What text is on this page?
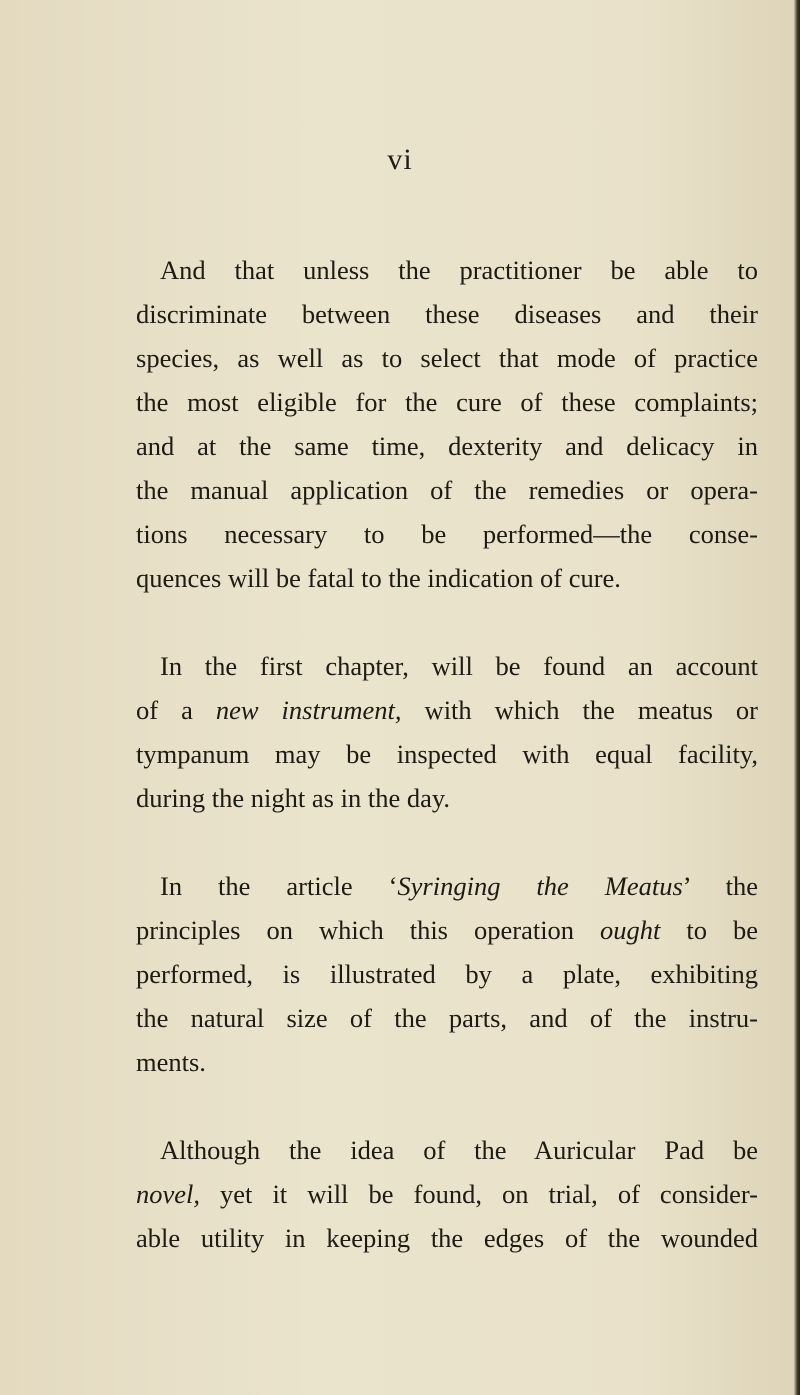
vi

And that unless the practitioner be able to
discriminate between these diseases and their
species, as well as to select that mode of practice
the most eligible for the cure of these complaints;
and at the same time, dexterity and delicacy in
the manual application of the remedies or opera-
tions necessary to be performed—the conse-
quences will be fatal to the indication of cure.

In the first chapter, will be found an account
of a new instrument, with which the meatus or
tympanum may be inspected with equal facility,
during the night as in the day.

In the article ‘Syringing the Meatus’ the
principles on which this operation ought to be
performed, is illustrated by a plate, exhibiting
the natural size of the parts, and of the instru-
ments.

Although the idea of the Auricular Pad be
novel, yet it will be found, on trial, of consider-
able utility in keeping the edges of the wounded
